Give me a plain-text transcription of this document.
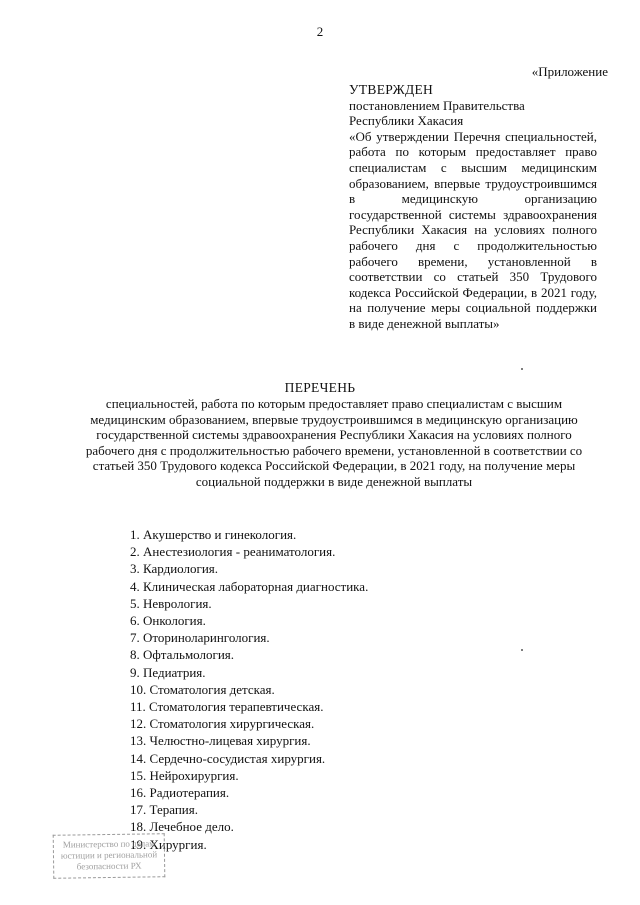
2
«Приложение
УТВЕРЖДЕН
постановлением Правительства
Республики Хакасия
«Об утверждении Перечня специальностей, работа по которым предоставляет право специалистам с высшим медицинским образованием, впервые трудоустроившимся в медицинскую организацию государственной системы здравоохранения Республики Хакасия на условиях полного рабочего дня с продолжительностью рабочего времени, установленной в соответствии со статьей 350 Трудового кодекса Российской Федерации, в 2021 году, на получение меры социальной поддержки в виде денежной выплаты»
ПЕРЕЧЕНЬ
специальностей, работа по которым предоставляет право специалистам с высшим медицинским образованием, впервые трудоустроившимся в медицинскую организацию государственной системы здравоохранения Республики Хакасия на условиях полного рабочего дня с продолжительностью рабочего времени, установленной в соответствии со статьей 350 Трудового кодекса Российской Федерации, в 2021 году, на получение меры социальной поддержки в виде денежной выплаты
1. Акушерство и гинекология.
2. Анестезиология - реаниматология.
3. Кардиология.
4. Клиническая лабораторная диагностика.
5. Неврология.
6. Онкология.
7. Оториноларингология.
8. Офтальмология.
9. Педиатрия.
10. Стоматология детская.
11. Стоматология терапевтическая.
12. Стоматология хирургическая.
13. Челюстно-лицевая хирургия.
14. Сердечно-сосудистая хирургия.
15. Нейрохирургия.
16. Радиотерапия.
17. Терапия.
18. Лечебное дело.
19. Хирургия.
Министерство по делам
юстиции и региональной
безопасности РХ
